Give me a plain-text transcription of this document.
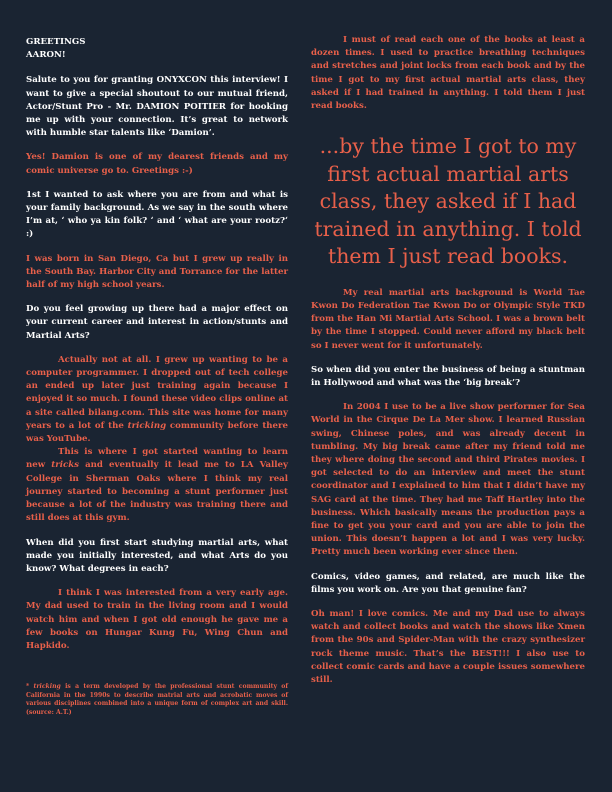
GREETINGS
AARON!

Salute to you for granting ONYXCON this interview! I want to give a special shoutout to our mutual friend, Actor/Stunt Pro - Mr. DAMION POITIER for hooking me up with your connection. It’s great to network with humble star talents like ‘Damion’.

Yes! Damion is one of my dearest friends and my comic universe go to. Greetings :-)

1st I wanted to ask where you are from and what is your family background. As we say in the south where I’m at, ‘ who ya kin folk? ‘ and ‘ what are your rootz?‘ :)

I was born in San Diego, Ca but I grew up really in the South Bay. Harbor City and Torrance for the latter half of my high school years.

Do you feel growing up there had a major effect on your current career and interest in action/stunts and Martial Arts?

Actually not at all. I grew up wanting to be a computer programmer. I dropped out of tech college an ended up later just training again because I enjoyed it so much. I found these video clips online at a site called bilang.com. This site was home for many years to a lot of the tricking community before there was YouTube.

This is where I got started wanting to learn new tricks and eventually it lead me to LA Valley College in Sherman Oaks where I think my real journey started to becoming a stunt performer just because a lot of the industry was training there and still does at this gym.

When did you first start studying martial arts, what made you initially interested, and what Arts do you know? What degrees in each?

I think I was interested from a very early age. My dad used to train in the living room and I would watch him and when I got old enough he gave me a few books on Hungar Kung Fu, Wing Chun and Hapkido.

* tricking is a term developed by the professional stunt community of California in the 1990s to describe matrial arts and acrobatic moves of various disciplines combined into a unique form of complex art and skill. (source: A.T.)

I must of read each one of the books at least a dozen times. I used to practice breathing techniques and stretches and joint locks from each book and by the time I got to my first actual martial arts class, they asked if I had trained in anything. I told them I just read books.

...by the time I got to my first actual martial arts class, they asked if I had trained in anything. I told them I just read books.

My real martial arts background is World Tae Kwon Do Federation Tae Kwon Do or Olympic Style TKD from the Han Mi Martial Arts School. I was a brown belt by the time I stopped. Could never afford my black belt so I never went for it unfortunately.

So when did you enter the business of being a stuntman in Hollywood and what was the ‘big break’?

In 2004 I use to be a live show performer for Sea World in the Cirque De La Mer show. I learned Russian swing, Chinese poles, and was already decent in tumbling. My big break came after my friend told me they where doing the second and third Pirates movies. I got selected to do an interview and meet the stunt coordinator and I explained to him that I didn’t have my SAG card at the time. They had me Taff Hartley into the business. Which basically means the production pays a fine to get you your card and you are able to join the union. This doesn’t happen a lot and I was very lucky. Pretty much been working ever since then.

Comics, video games, and related, are much like the films you work on. Are you that genuine fan?

Oh man! I love comics. Me and my Dad use to always watch and collect books and watch the shows like Xmen from the 90s and Spider-Man with the crazy synthesizer rock theme music. That’s the BEST!!! I also use to collect comic cards and have a couple issues somewhere still.
